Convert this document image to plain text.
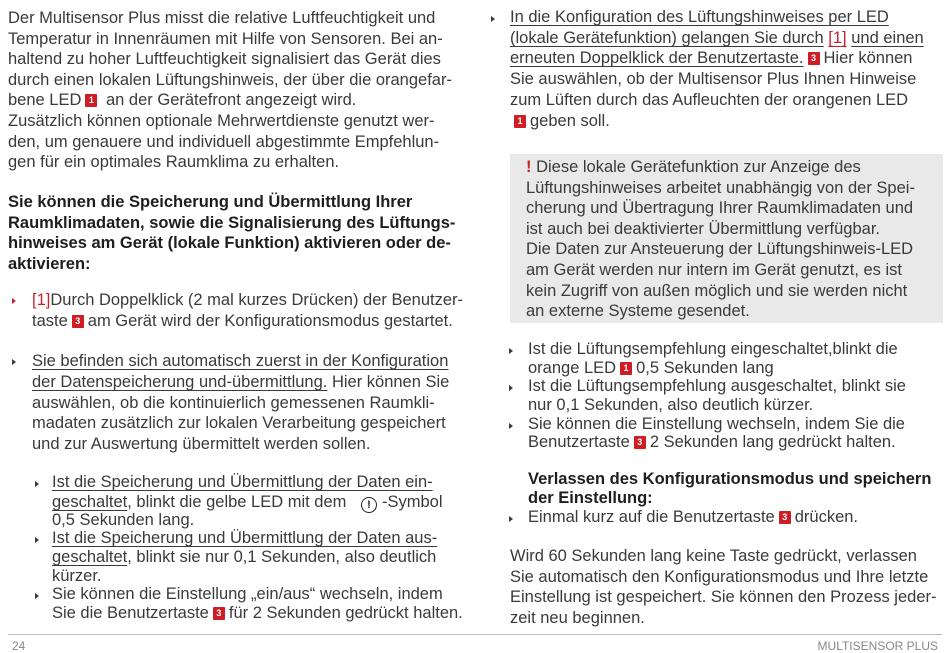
Der Multisensor Plus misst die relative Luftfeuchtigkeit und
Temperatur in Innenräumen mit Hilfe von Sensoren. Bei an-
haltend zu hoher Luftfeuchtigkeit signalisiert das Gerät dies
durch einen lokalen Lüftungshinweis, der über die orangefar-
bene LED 1 an der Gerätefront angezeigt wird.
Zusätzlich können optionale Mehrwertdienste genutzt wer-
den, um genauere und individuell abgestimmte Empfehlun-
gen für ein optimales Raumklima zu erhalten.
Sie können die Speicherung und Übermittlung Ihrer
Raumklimadaten, sowie die Signalisierung des Lüftungs-
hinweises am Gerät (lokale Funktion) aktivieren oder de-
aktivieren:
[1]Durch Doppelklick (2 mal kurzes Drücken) der Benutzer-
taste 3 am Gerät wird der Konfigurationsmodus gestartet.
Sie befinden sich automatisch zuerst in der Konfiguration
der Datenspeicherung und-übermittlung. Hier können Sie
auswählen, ob die kontinuierlich gemessenen Raumkli-
madaten zusätzlich zur lokalen Verarbeitung gespeichert
und zur Auswertung übermittelt werden sollen.
Ist die Speicherung und Übermittlung der Daten ein-
geschaltet, blinkt die gelbe LED mit dem ! -Symbol
0,5 Sekunden lang.
Ist die Speicherung und Übermittlung der Daten aus-
geschaltet, blinkt sie nur 0,1 Sekunden, also deutlich
kürzer.
Sie können die Einstellung „ein/aus“ wechseln, indem
Sie die Benutzertaste 3 für 2 Sekunden gedrückt halten.
In die Konfiguration des Lüftungshinweises per LED
(lokale Gerätefunktion) gelangen Sie durch [1] und einen
erneuten Doppelklick der Benutzertaste. 3 Hier können
Sie auswählen, ob der Multisensor Plus Ihnen Hinweise
zum Lüften durch das Aufleuchten der orangenen LED
1 geben soll.
! Diese lokale Gerätefunktion zur Anzeige des
Lüftungshinweises arbeitet unabhängig von der Spei-
cherung und Übertragung Ihrer Raumklimadaten und
ist auch bei deaktivierter Übermittlung verfügbar.
Die Daten zur Ansteuerung der Lüftungshinweis-LED
am Gerät werden nur intern im Gerät genutzt, es ist
kein Zugriff von außen möglich und sie werden nicht
an externe Systeme gesendet.
Ist die Lüftungsempfehlung eingeschaltet,blinkt die
orange LED 1 0,5 Sekunden lang
Ist die Lüftungsempfehlung ausgeschaltet, blinkt sie
nur 0,1 Sekunden, also deutlich kürzer.
Sie können die Einstellung wechseln, indem Sie die
Benutzertaste 3 2 Sekunden lang gedrückt halten.
Verlassen des Konfigurationsmodus und speichern
der Einstellung:
Einmal kurz auf die Benutzertaste 3 drücken.
Wird 60 Sekunden lang keine Taste gedrückt, verlassen
Sie automatisch den Konfigurationsmodus und Ihre letzte
Einstellung ist gespeichert. Sie können den Prozess jeder-
zeit neu beginnen.
24	MULTISENSOR PLUS
